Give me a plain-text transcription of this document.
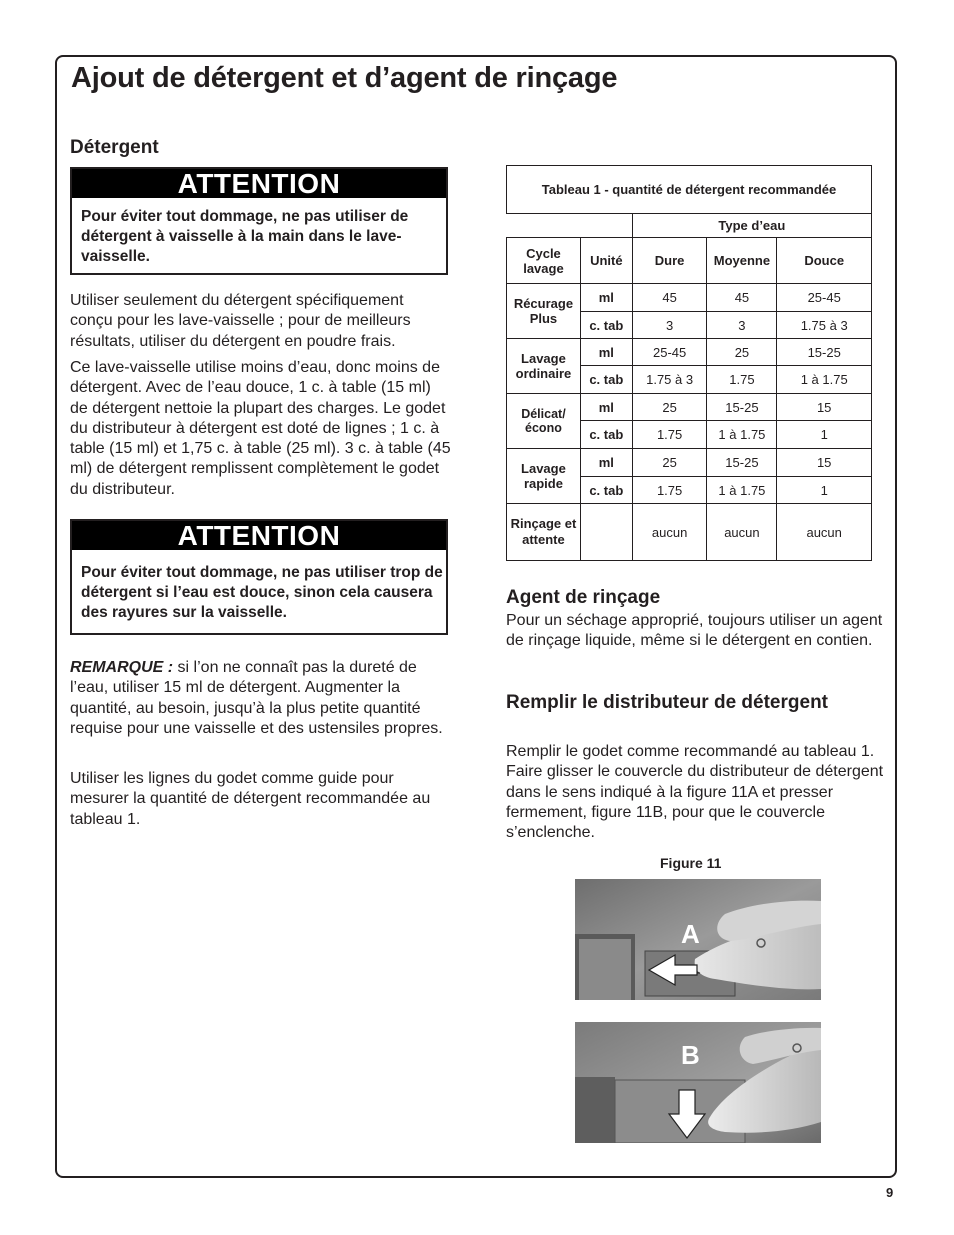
Ajout de détergent et d’agent de rinçage
Détergent
ATTENTION
Pour éviter tout dommage, ne pas utiliser de détergent à vaisselle à la main dans le lave-vaisselle.

Utiliser seulement du détergent spécifiquement conçu pour les lave-vaisselle ; pour de meilleurs résultats, utiliser du détergent en poudre frais.

Ce lave-vaisselle utilise moins d’eau, donc moins de détergent. Avec de l’eau douce, 1 c. à table (15 ml) de détergent nettoie la plupart des charges. Le godet du distributeur à détergent est doté de lignes ; 1 c. à table (15 ml) et 1,75 c. à table (25 ml). 3 c. à table (45 ml) de détergent remplissent complètement le godet du distributeur.

ATTENTION
Pour éviter tout dommage, ne pas utiliser trop de détergent si l’eau est douce, sinon cela causera des rayures sur la vaisselle.

REMARQUE : si l’on ne connaît pas la dureté de l’eau, utiliser 15 ml de détergent. Augmenter la quantité, au besoin, jusqu’à la plus petite quantité requise pour une vaisselle et des ustensiles propres.

Utiliser les lignes du godet comme guide pour mesurer la quantité de détergent recommandée au tableau 1.

Tableau 1 - quantité de détergent recommandée				
		Type d’eau		
Cycle lavage	Unité	Dure	Moyenne	Douce
Récurage Plus	ml	45	45	25-45
	c. tab	3	3	1.75 à 3
Lavage ordinaire	ml	25-45	25	15-25
	c. tab	1.75 à 3	1.75	1 à 1.75
Délicat/ écono	ml	25	15-25	15
	c. tab	1.75	1 à 1.75	1
Lavage rapide	ml	25	15-25	15
	c. tab	1.75	1 à 1.75	1
Rinçage et attente		aucun	aucun	aucun
Agent de rinçage

Pour un séchage approprié, toujours utiliser un agent de rinçage liquide, même si le détergent en contien.

Remplir le distributeur de détergent

Remplir le godet comme recommandé au tableau 1. Faire glisser le couvercle du distributeur de détergent dans le sens indiqué à la figure 11A et presser fermement, figure 11B, pour que le couvercle s’enclenche.

Figure 11
A
B
9
